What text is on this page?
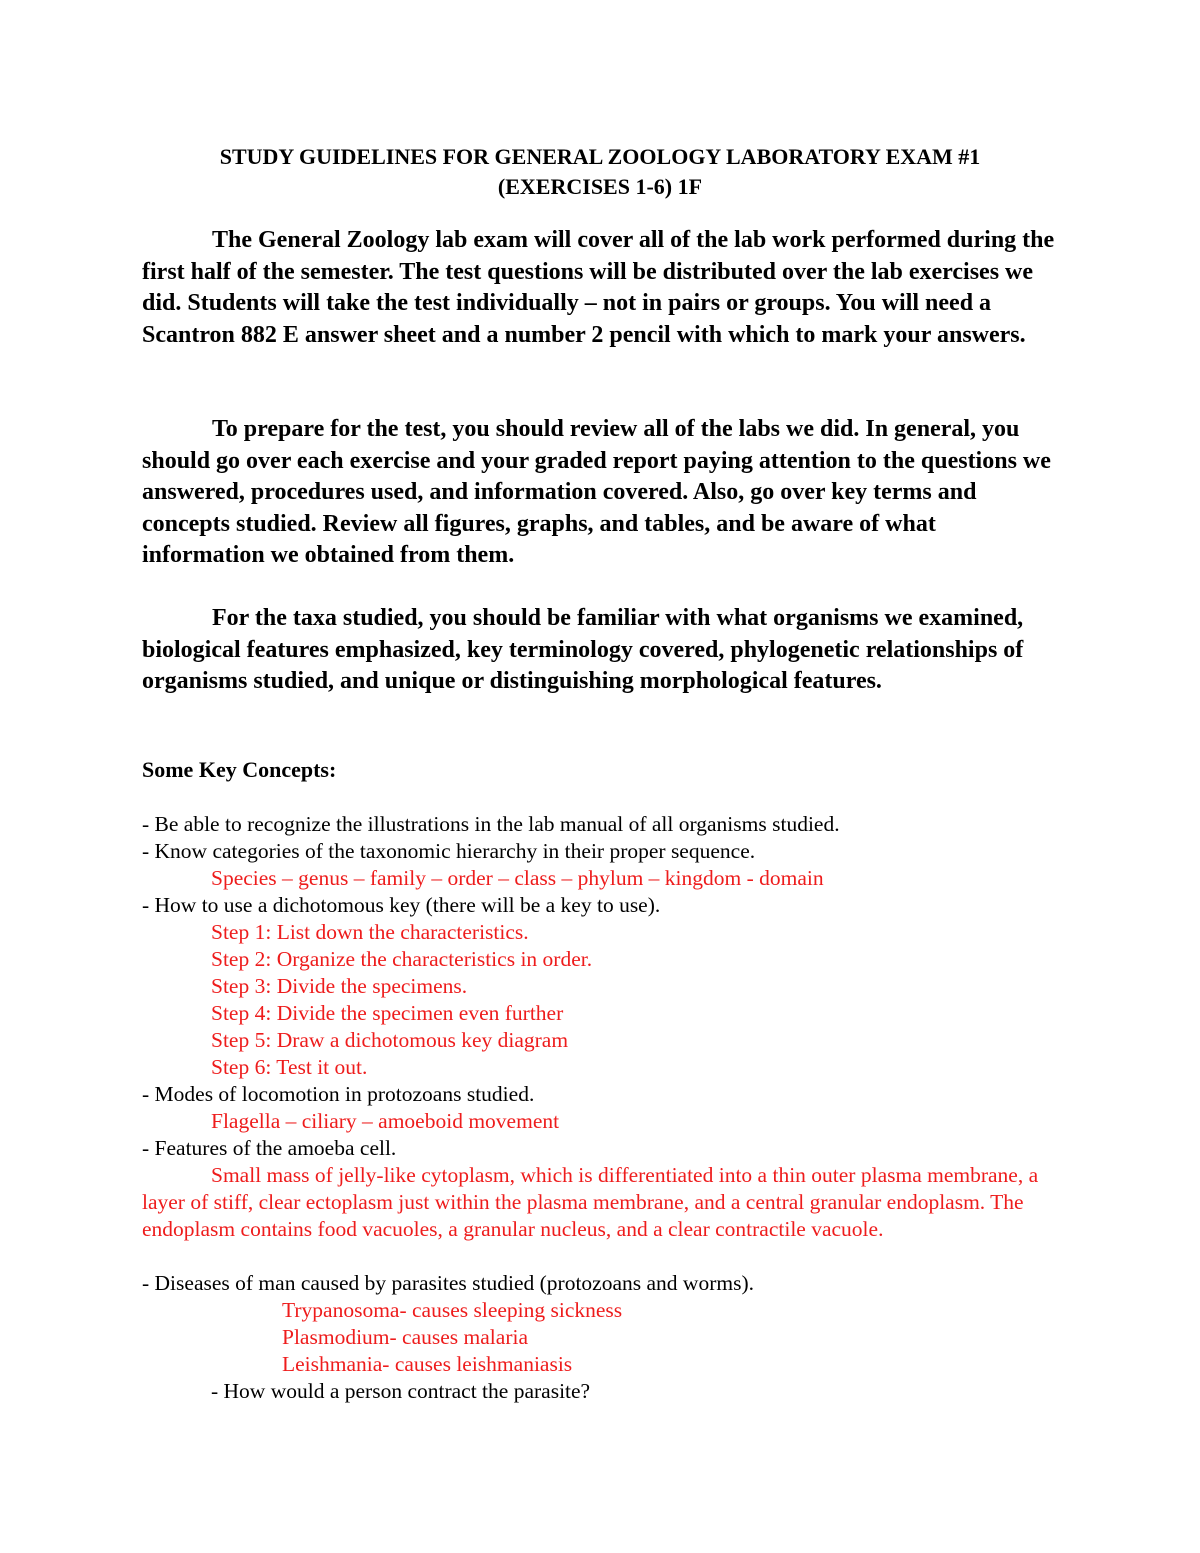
STUDY GUIDELINES FOR GENERAL ZOOLOGY LABORATORY EXAM #1
(EXERCISES 1-6) 1F

The General Zoology lab exam will cover all of the lab work performed during the first half of the semester. The test questions will be distributed over the lab exercises we did. Students will take the test individually – not in pairs or groups. You will need a Scantron 882 E answer sheet and a number 2 pencil with which to mark your answers.

To prepare for the test, you should review all of the labs we did. In general, you should go over each exercise and your graded report paying attention to the questions we answered, procedures used, and information covered. Also, go over key terms and concepts studied. Review all figures, graphs, and tables, and be aware of what information we obtained from them.

For the taxa studied, you should be familiar with what organisms we examined, biological features emphasized, key terminology covered, phylogenetic relationships of organisms studied, and unique or distinguishing morphological features.

Some Key Concepts:
- Be able to recognize the illustrations in the lab manual of all organisms studied.
- Know categories of the taxonomic hierarchy in their proper sequence.
Species – genus – family – order – class – phylum – kingdom - domain
- How to use a dichotomous key (there will be a key to use).
Step 1: List down the characteristics.
Step 2: Organize the characteristics in order.
Step 3: Divide the specimens.
Step 4: Divide the specimen even further
Step 5: Draw a dichotomous key diagram
Step 6: Test it out.
- Modes of locomotion in protozoans studied.
Flagella – ciliary – amoeboid movement
- Features of the amoeba cell.

Small mass of jelly-like cytoplasm, which is differentiated into a thin outer plasma membrane, a layer of stiff, clear ectoplasm just within the plasma membrane, and a central granular endoplasm. The endoplasm contains food vacuoles, a granular nucleus, and a clear contractile vacuole.

- Diseases of man caused by parasites studied (protozoans and worms).
Trypanosoma- causes sleeping sickness
Plasmodium- causes malaria
Leishmania- causes leishmaniasis
- How would a person contract the parasite?
